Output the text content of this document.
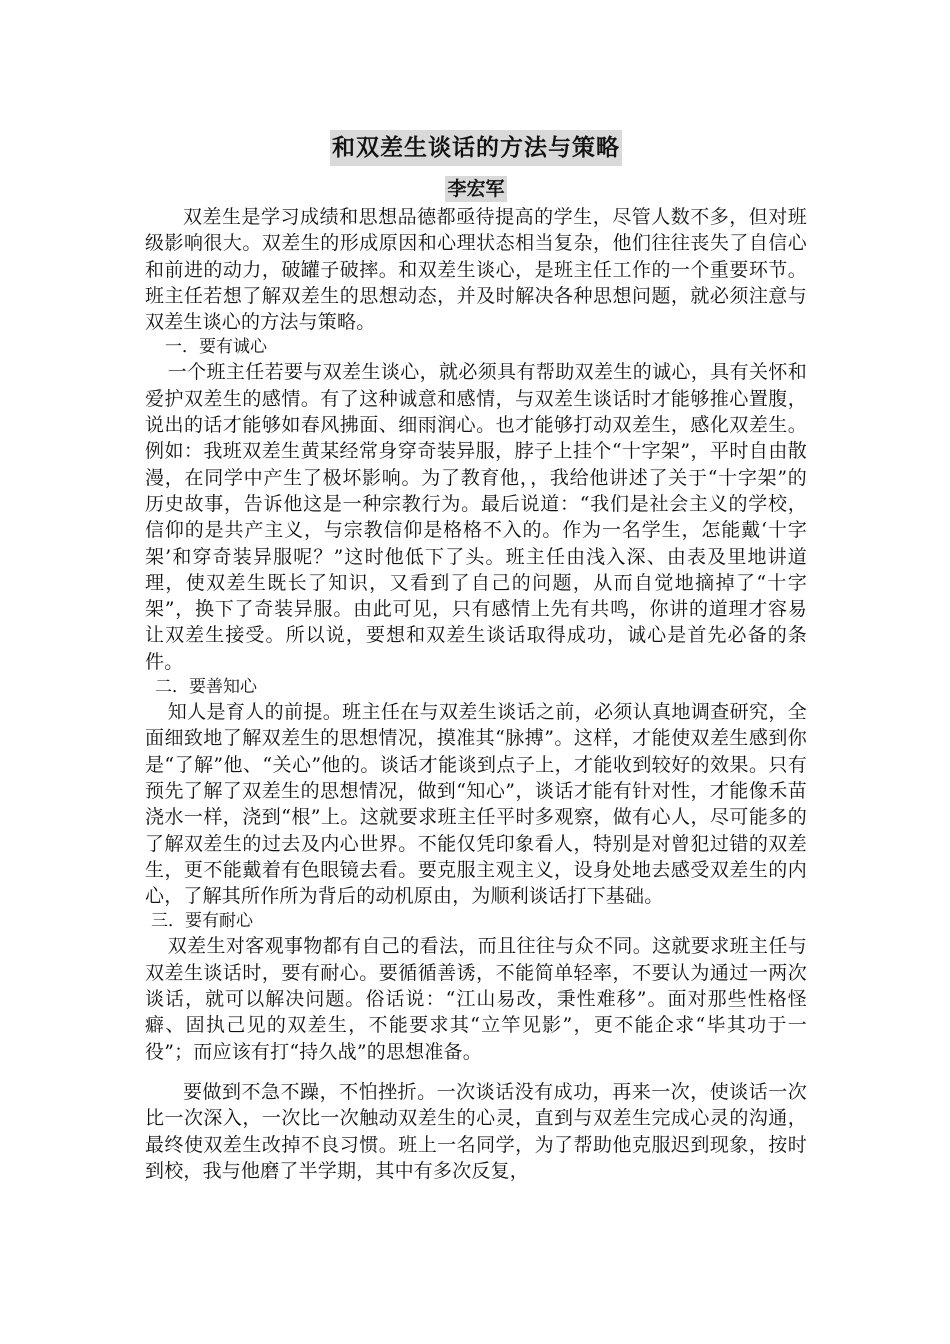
和双差生谈话的方法与策略
李宏军

双差生是学习成绩和思想品德都亟待提高的学生，尽管人数不多，但对班级影响很大。双差生的形成原因和心理状态相当复杂，他们往往丧失了自信心和前进的动力，破罐子破摔。和双差生谈心，是班主任工作的一个重要环节。班主任若想了解双差生的思想动态，并及时解决各种思想问题，就必须注意与双差生谈心的方法与策略。

一．要有诚心

一个班主任若要与双差生谈心，就必须具有帮助双差生的诚心，具有关怀和爱护双差生的感情。有了这种诚意和感情，与双差生谈话时才能够推心置腹，说出的话才能够如春风拂面、细雨润心。也才能够打动双差生，感化双差生。例如：我班双差生黄某经常身穿奇装异服，脖子上挂个“十字架”，平时自由散漫，在同学中产生了极坏影响。为了教育他，，我给他讲述了关于“十字架”的历史故事，告诉他这是一种宗教行为。最后说道：“我们是社会主义的学校，信仰的是共产主义，与宗教信仰是格格不入的。作为一名学生，怎能戴‘十字架’和穿奇装异服呢？”这时他低下了头。班主任由浅入深、由表及里地讲道理，使双差生既长了知识，又看到了自己的问题，从而自觉地摘掉了“十字架”，换下了奇装异服。由此可见，只有感情上先有共鸣，你讲的道理才容易让双差生接受。所以说，要想和双差生谈话取得成功，诚心是首先必备的条件。

二．要善知心

知人是育人的前提。班主任在与双差生谈话之前，必须认真地调查研究，全面细致地了解双差生的思想情况，摸准其“脉搏”。这样，才能使双差生感到你是“了解”他、“关心”他的。谈话才能谈到点子上，才能收到较好的效果。只有预先了解了双差生的思想情况，做到“知心”，谈话才能有针对性，才能像禾苗浇水一样，浇到“根”上。这就要求班主任平时多观察，做有心人，尽可能多的了解双差生的过去及内心世界。不能仅凭印象看人，特别是对曾犯过错的双差生，更不能戴着有色眼镜去看。要克服主观主义，设身处地去感受双差生的内心，了解其所作所为背后的动机原由，为顺利谈话打下基础。

三．要有耐心

双差生对客观事物都有自己的看法，而且往往与众不同。这就要求班主任与双差生谈话时，要有耐心。要循循善诱，不能简单轻率，不要认为通过一两次谈话，就可以解决问题。俗话说：“江山易改，秉性难移”。面对那些性格怪癖、固执己见的双差生，不能要求其“立竿见影”，更不能企求“毕其功于一役”；而应该有打“持久战”的思想准备。

要做到不急不躁，不怕挫折。一次谈话没有成功，再来一次，使谈话一次比一次深入，一次比一次触动双差生的心灵，直到与双差生完成心灵的沟通，最终使双差生改掉不良习惯。班上一名同学，为了帮助他克服迟到现象，按时到校，我与他磨了半学期，其中有多次反复，
